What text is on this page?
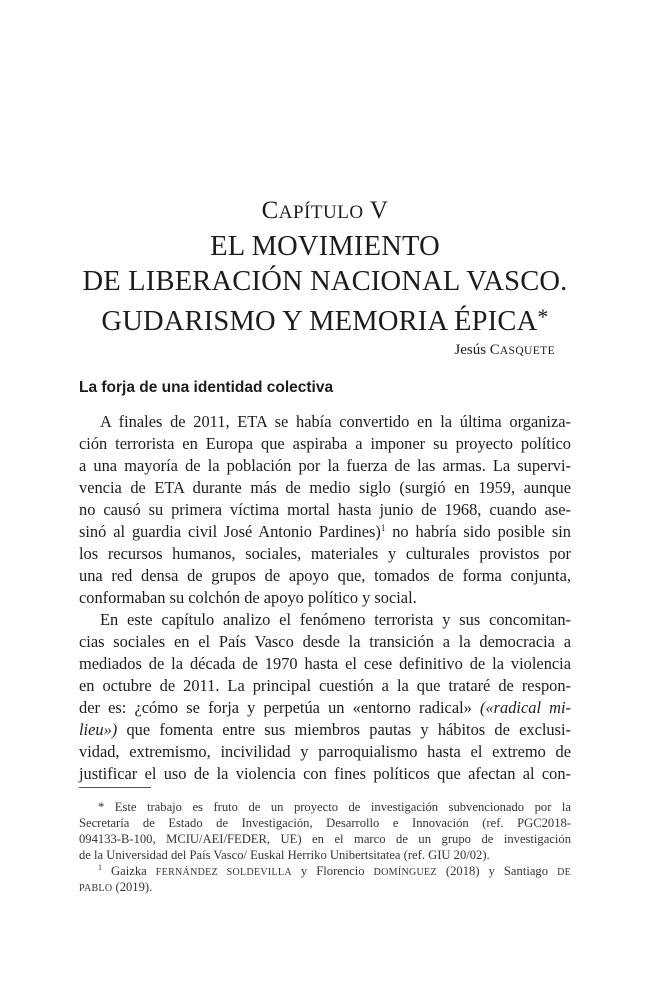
CAPÍTULO V
EL MOVIMIENTO
DE LIBERACIÓN NACIONAL VASCO.
GUDARISMO Y MEMORIA ÉPICA*
Jesús CASQUETE
La forja de una identidad colectiva
A finales de 2011, ETA se había convertido en la última organiza-
ción terrorista en Europa que aspiraba a imponer su proyecto político
a una mayoría de la población por la fuerza de las armas. La supervi-
vencia de ETA durante más de medio siglo (surgió en 1959, aunque
no causó su primera víctima mortal hasta junio de 1968, cuando ase-
sinó al guardia civil José Antonio Pardines)$^1$ no habría sido posible sin
los recursos humanos, sociales, materiales y culturales provistos por
una red densa de grupos de apoyo que, tomados de forma conjunta,
conformaban su colchón de apoyo político y social.
En este capítulo analizo el fenómeno terrorista y sus concomitan-
cias sociales en el País Vasco desde la transición a la democracia a
mediados de la década de 1970 hasta el cese definitivo de la violencia
en octubre de 2011. La principal cuestión a la que trataré de respon-
der es: ¿cómo se forja y perpetúa un «entorno radical» («radical mi-
lieu») que fomenta entre sus miembros pautas y hábitos de exclusi-
vidad, extremismo, incivilidad y parroquialismo hasta el extremo de
justificar el uso de la violencia con fines políticos que afectan al con-
* Este trabajo es fruto de un proyecto de investigación subvencionado por la
Secretaría de Estado de Investigación, Desarrollo e Innovación (ref. PGC2018-
094133-B-100, MCIU/AEI/FEDER, UE) en el marco de un grupo de investigación
de la Universidad del País Vasco/ Euskal Herriko Unibertsitatea (ref. GIU 20/02).
$^1$ Gaizka FERNÁNDEZ SOLDEVILLA y Florencio DOMÍNGUEZ (2018) y Santiago DE
PABLO (2019).
